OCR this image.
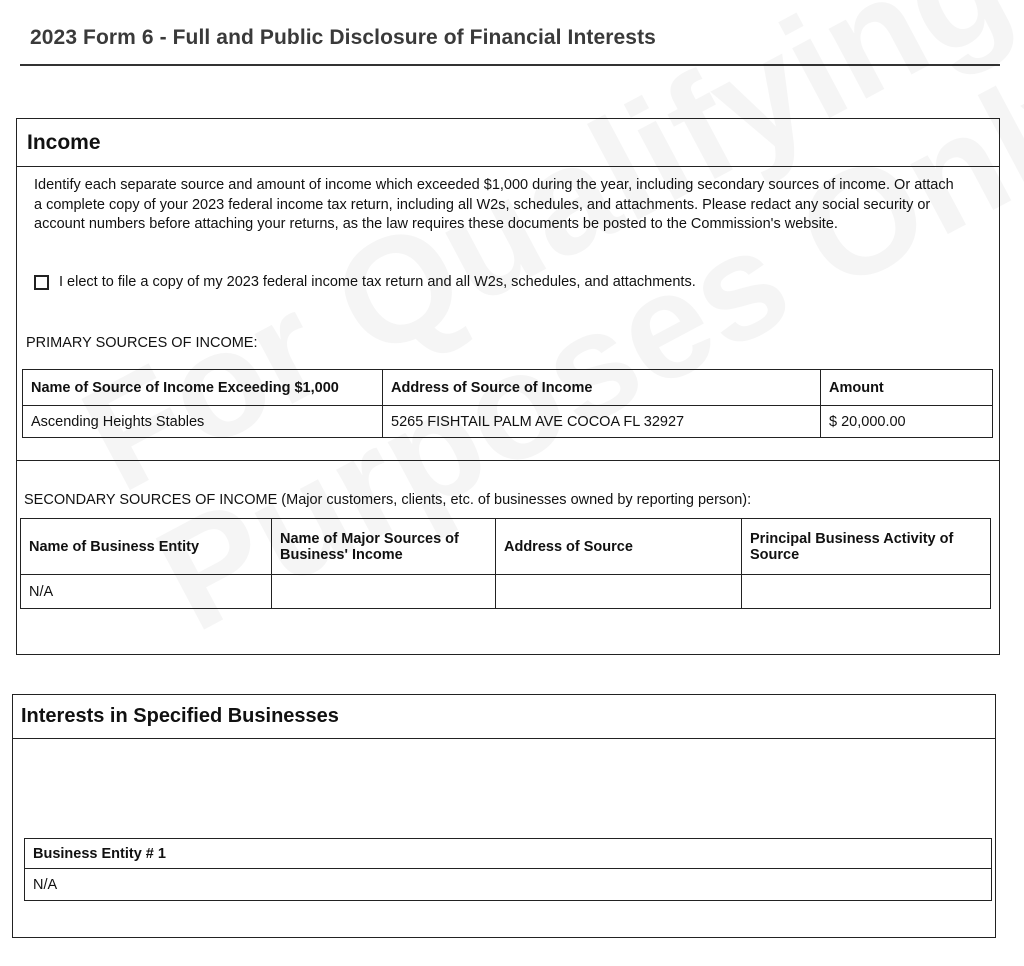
2023 Form 6 - Full and Public Disclosure of Financial Interests
Income
Identify each separate source and amount of income which exceeded $1,000 during the year, including secondary sources of income. Or attach a complete copy of your 2023 federal income tax return, including all W2s, schedules, and attachments. Please redact any social security or account numbers before attaching your returns, as the law requires these documents be posted to the Commission's website.
I elect to file a copy of my 2023 federal income tax return and all W2s, schedules, and attachments.
PRIMARY SOURCES OF INCOME:
Name of Source of Income Exceeding $1,000	Address of Source of Income	Amount
Ascending Heights Stables	5265 FISHTAIL PALM AVE COCOA FL 32927	$ 20,000.00
SECONDARY SOURCES OF INCOME (Major customers, clients, etc. of businesses owned by reporting person):
Name of Business Entity	Name of Major Sources of Business' Income	Address of Source	Principal Business Activity of Source
N/A			
Interests in Specified Businesses
Business Entity # 1
N/A
